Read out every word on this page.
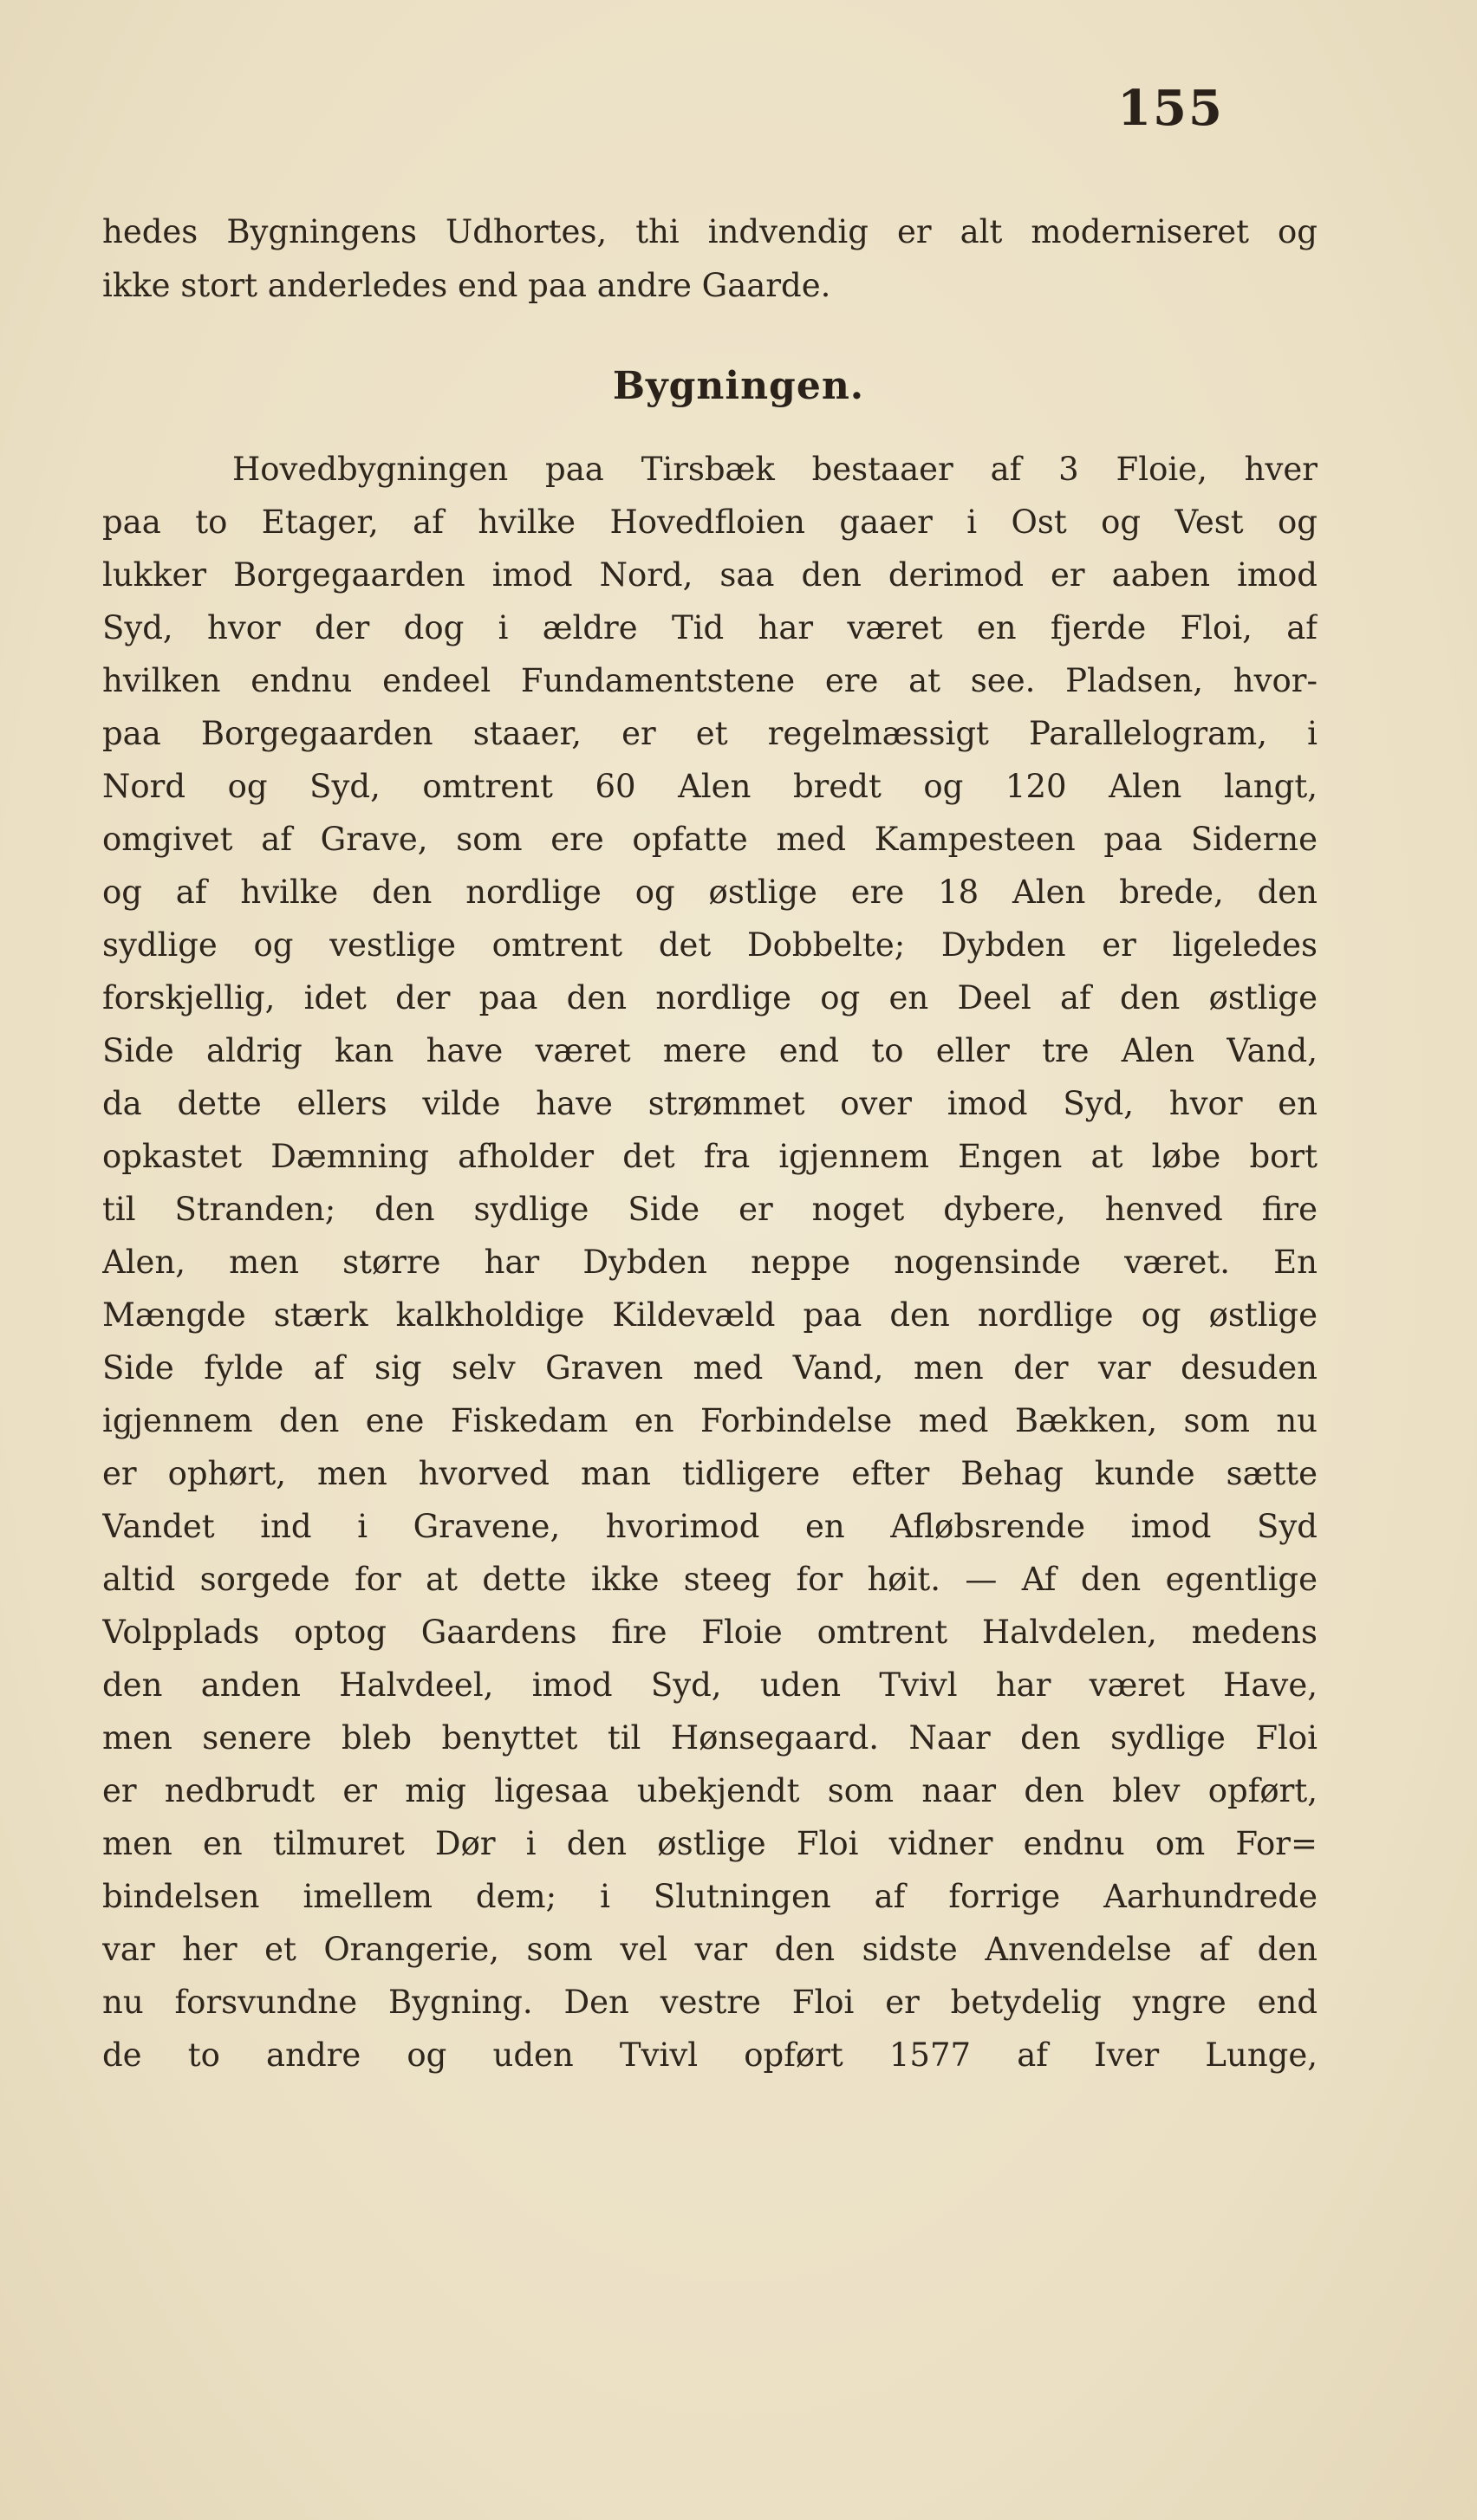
155
hedes Bygningens Udhortes, thi indvendig er alt moderniseret og
ikke stort anderledes end paa andre Gaarde.
Bygningen.
Hovedbygningen paa Tirsbæk bestaaer af 3 Floie, hver
paa to Etager, af hvilke Hovedfloien gaaer i Ost og Vest og
lukker Borgegaarden imod Nord, saa den derimod er aaben imod
Syd, hvor der dog i ældre Tid har været en fjerde Floi, af
hvilken endnu endeel Fundamentstene ere at see. Pladsen, hvor-
paa Borgegaarden staaer, er et regelmæssigt Parallelogram, i
Nord og Syd, omtrent 60 Alen bredt og 120 Alen langt,
omgivet af Grave, som ere opfatte med Kampesteen paa Siderne
og af hvilke den nordlige og østlige ere 18 Alen brede, den
sydlige og vestlige omtrent det Dobbelte; Dybden er ligeledes
forskjellig, idet der paa den nordlige og en Deel af den østlige
Side aldrig kan have været mere end to eller tre Alen Vand,
da dette ellers vilde have strømmet over imod Syd, hvor en
opkastet Dæmning afholder det fra igjennem Engen at løbe bort
til Stranden; den sydlige Side er noget dybere, henved fire
Alen, men større har Dybden neppe nogensinde været. En
Mængde stærk kalkholdige Kildevæld paa den nordlige og østlige
Side fylde af sig selv Graven med Vand, men der var desuden
igjennem den ene Fiskedam en Forbindelse med Bækken, som nu
er ophørt, men hvorved man tidligere efter Behag kunde sætte
Vandet ind i Gravene, hvorimod en Afløbsrende imod Syd
altid sorgede for at dette ikke steeg for høit. — Af den egentlige
Volpplads optog Gaardens fire Floie omtrent Halvdelen, medens
den anden Halvdeel, imod Syd, uden Tvivl har været Have,
men senere bleb benyttet til Hønsegaard. Naar den sydlige Floi
er nedbrudt er mig ligesaa ubekjendt som naar den blev opført,
men en tilmuret Dør i den østlige Floi vidner endnu om For=
bindelsen imellem dem; i Slutningen af forrige Aarhundrede
var her et Orangerie, som vel var den sidste Anvendelse af den
nu forsvundne Bygning. Den vestre Floi er betydelig yngre end
de to andre og uden Tvivl opført 1577 af Iver Lunge,
